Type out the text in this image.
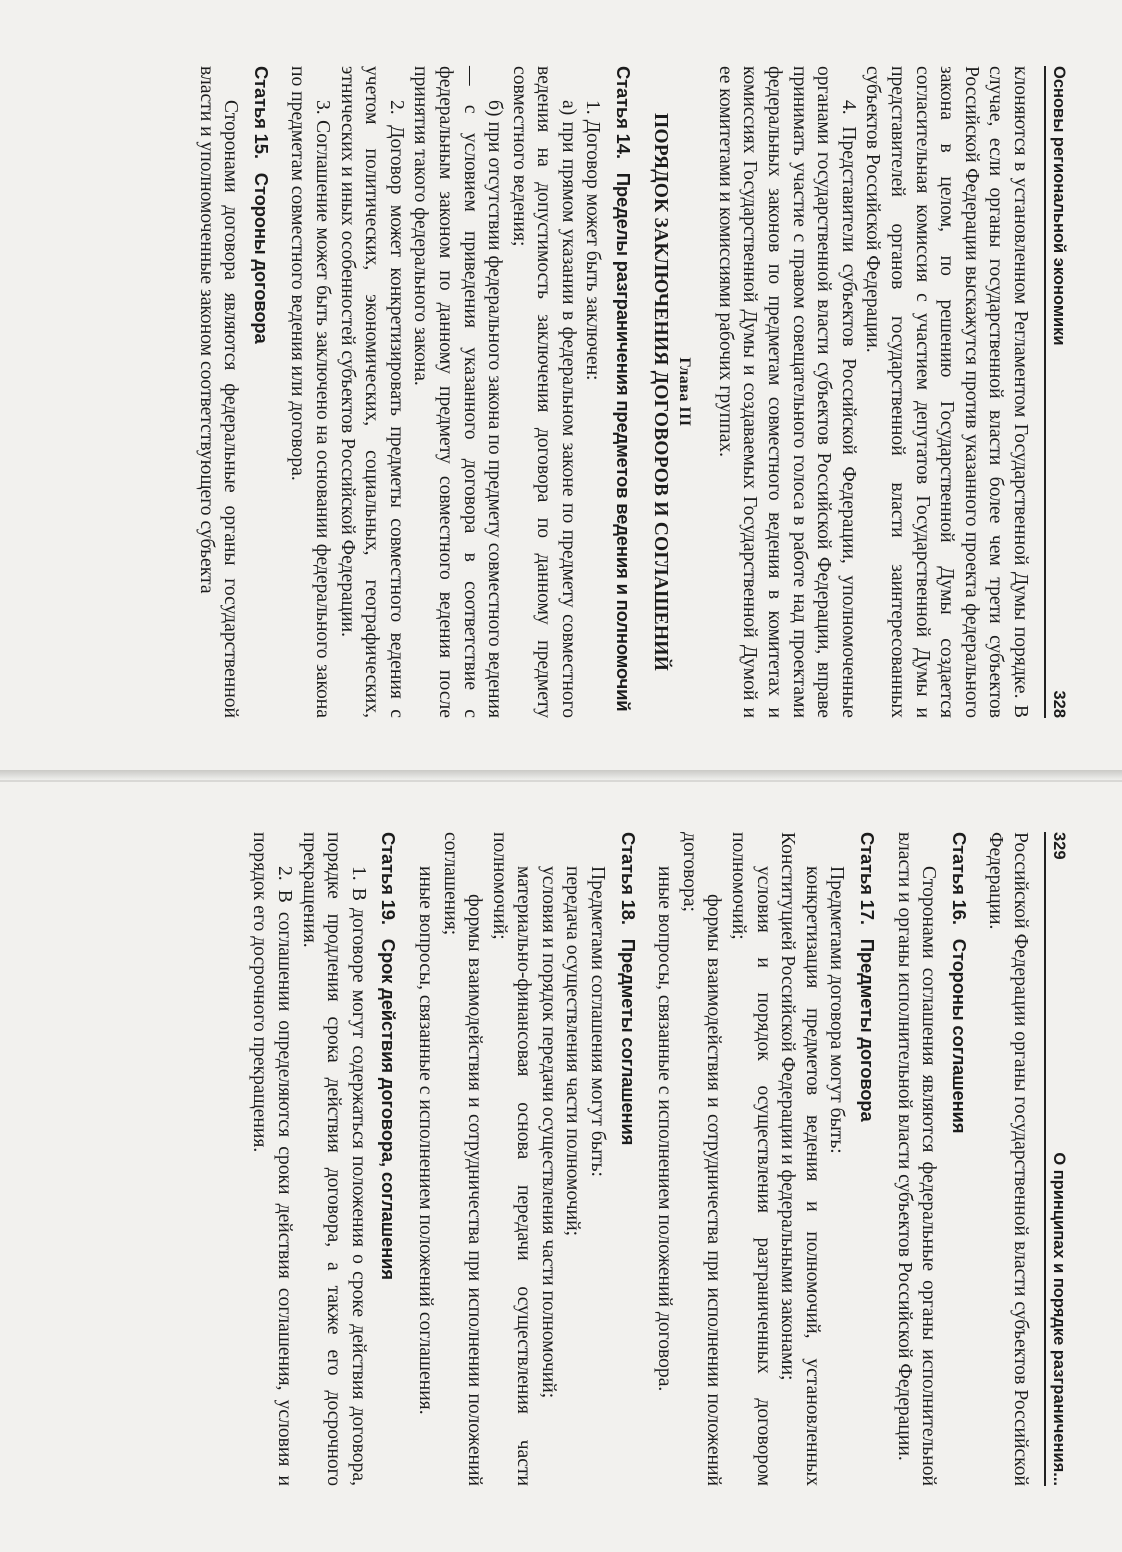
Основы региональной экономики
328

клоняются в установленном Регламентом Государственной Думы порядке. В случае, если органы государственной власти более чем трети субъектов Российской Федерации выскажутся против указанного проекта федерального закона в целом, по решению Государственной Думы создается согласительная комиссия с участием депутатов Государственной Думы и представителей органов государственной власти заинтересованных субъектов Российской Федерации.

4. Представители субъектов Российской Федерации, уполномоченные органами государственной власти субъектов Российской Федерации, вправе принимать участие с правом совещательного голоса в работе над проектами федеральных законов по предметам совместного ведения в комитетах и комиссиях Государственной Думы и создаваемых Государственной Думой и ее комитетами и комиссиями рабочих группах.

Глава III
ПОРЯДОК ЗАКЛЮЧЕНИЯ ДОГОВОРОВ И СОГЛАШЕНИЙ
Статья 14.Пределы разграничения предметов ведения и полномочий

1. Договор может быть заключен:

а) при прямом указании в федеральном законе по предмету совместного ведения на допустимость заключения договора по данному предмету совместного ведения;

б) при отсутствии федерального закона по предмету совместного ведения — с условием приведения указанного договора в соответствие с федеральным законом по данному предмету совместного ведения после принятия такого федерального закона.

2. Договор может конкретизировать предметы совместного ведения с учетом политических, экономических, социальных, географических, этнических и иных особенностей субъектов Российской Федерации.

3. Соглашение может быть заключено на основании федерального закона по предметам совместного ведения или договора.

Статья 15.Стороны договора

Сторонами договора являются федеральные органы государственной власти и уполномоченные законом соответствующего субъекта

329
О принципах и порядке разграничения...

Российской Федерации органы государственной власти субъектов Российской Федерации.

Статья 16.Стороны соглашения

Сторонами соглашения являются федеральные органы исполнительной власти и органы исполнительной власти субъектов Российской Федерации.

Статья 17.Предметы договора

Предметами договора могут быть:

конкретизация предметов ведения и полномочий, установленных Конституцией Российской Федерации и федеральными законами;

условия и порядок осуществления разграниченных договором полномочий;

формы взаимодействия и сотрудничества при исполнении положений договора;

иные вопросы, связанные с исполнением положений договора.

Статья 18.Предметы соглашения

Предметами соглашения могут быть:

передача осуществления части полномочий;

условия и порядок передачи осуществления части полномочий;

материально-финансовая основа передачи осуществления части полномочий;

формы взаимодействия и сотрудничества при исполнении положений соглашения;

иные вопросы, связанные с исполнением положений соглашения.

Статья 19.Срок действия договора, соглашения

1. В договоре могут содержаться положения о сроке действия договора, порядке продления срока действия договора, а также его досрочного прекращения.

2. В соглашении определяются сроки действия соглашения, условия и порядок его досрочного прекращения.
